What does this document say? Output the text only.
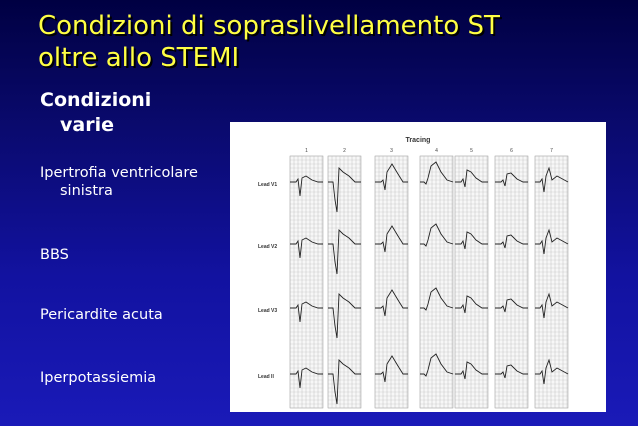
Condizioni di sopraslivellamento ST
oltre allo STEMI
Condizioni
varie
Ipertrofia ventricolare
sinistra
BBS
Pericardite acuta
Iperpotassiemia
Tracing
1	2	3	4	5	6	7
Lead V1
Lead V2
Lead V3
Lead II
